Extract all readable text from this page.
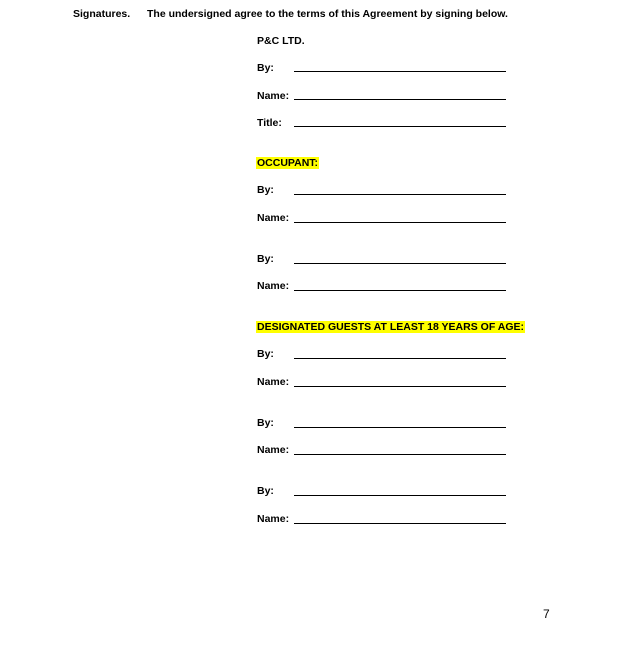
Signatures. The undersigned agree to the terms of this Agreement by signing below.
P&C LTD.
By:
Name:
Title:
OCCUPANT:
By:
Name:
By:
Name:
DESIGNATED GUESTS AT LEAST 18 YEARS OF AGE:
By:
Name:
By:
Name:
By:
Name:
7
